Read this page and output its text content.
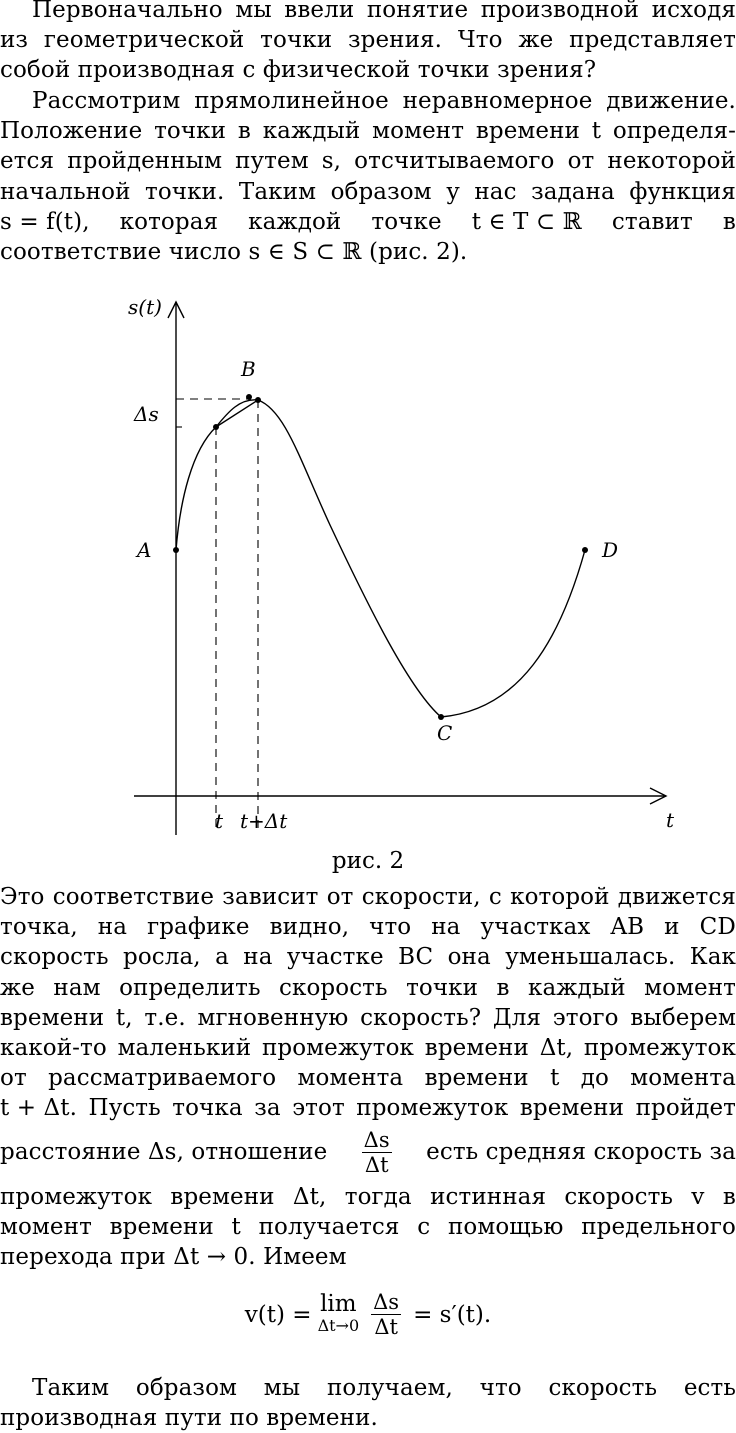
Первоначально мы ввели понятие производной исходя
из геометрической точки зрения. Что же представляет
собой производная с физической точки зрения?
Рассмотрим прямолинейное неравномерное движение.
Положение точки в каждый момент времени t определя-
ется пройденным путем s, отсчитываемого от некоторой
начальной точки. Таким образом у нас задана функция
s = f(t), которая каждой точке t ∈ T ⊂ ℝ ставит в
соответствие число s ∈ S ⊂ ℝ (рис. 2).
s(t)
t
Δs
t t+Δt
A
B
C
D
рис. 2
Это соответствие зависит от скорости, с которой движется
точка, на графике видно, что на участках AB и CD
скорость росла, а на участке BC она уменьшалась. Как
же нам определить скорость точки в каждый момент
времени t, т.е. мгновенную скорость? Для этого выберем
какой-то маленький промежуток времени Δt, промежуток
от рассматриваемого момента времени t до момента
t + Δt. Пусть точка за этот промежуток времени пройдет
расстояние Δs, отношение $\frac{\Delta s}{\Delta t}$ есть средняя скорость за
промежуток времени Δt, тогда истинная скорость v в
момент времени t получается с помощью предельного
перехода при Δt → 0. Имеем
v(t) = lim
$\Delta t\to 0 \frac{\Delta s}{\Delta t} = s'(t)$.
Таким образом мы получаем, что скорость есть
производная пути по времени.
